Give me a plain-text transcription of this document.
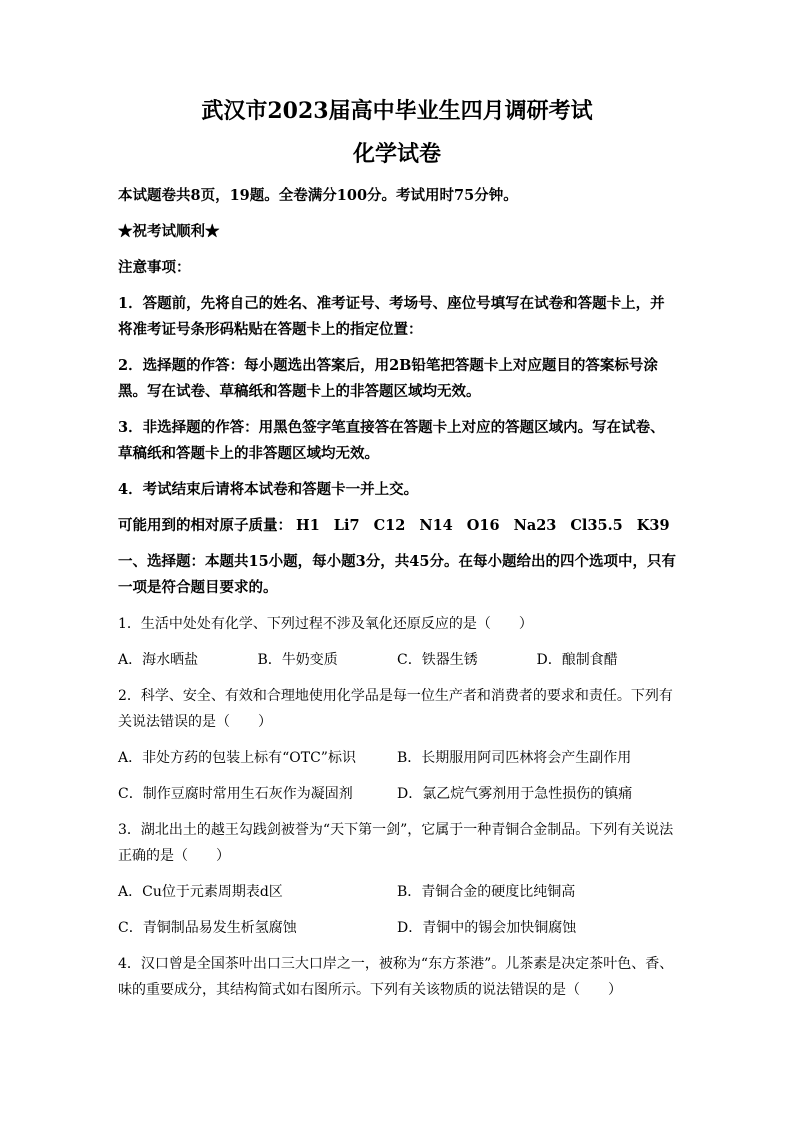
武汉市2023届高中毕业生四月调研考试
化学试卷
本试题卷共8页，19题。全卷满分100分。考试用时75分钟。
★祝考试顺利★
注意事项：
1．答题前，先将自己的姓名、准考证号、考场号、座位号填写在试卷和答题卡上，并将准考证号条形码粘贴在答题卡上的指定位置：
2．选择题的作答：每小题选出答案后，用2B铅笔把答题卡上对应题目的答案标号涂黑。写在试卷、草稿纸和答题卡上的非答题区域均无效。
3．非选择题的作答：用黑色签字笔直接答在答题卡上对应的答题区域内。写在试卷、草稿纸和答题卡上的非答题区域均无效。
4．考试结束后请将本试卷和答题卡一并上交。
可能用到的相对原子质量： H1 Li7 C12 N14 O16 Na23 Cl35.5 K39
一、选择题：本题共15小题，每小题3分，共45分。在每小题给出的四个选项中，只有一项是符合题目要求的。
1．生活中处处有化学、下列过程不涉及氧化还原反应的是（　　）
A．海水晒盐	B．牛奶变质	C．铁器生锈	D．酿制食醋
2．科学、安全、有效和合理地使用化学品是每一位生产者和消费者的要求和责任。下列有关说法错误的是（　　）
A．非处方药的包装上标有“OTC”标识	B．长期服用阿司匹林将会产生副作用
C．制作豆腐时常用生石灰作为凝固剂	D．氯乙烷气雾剂用于急性损伤的镇痛
3．湖北出土的越王勾践剑被誉为“天下第一剑”，它属于一种青铜合金制品。下列有关说法正确的是（　　）
A．Cu位于元素周期表d区	B．青铜合金的硬度比纯铜高
C．青铜制品易发生析氢腐蚀	D．青铜中的锡会加快铜腐蚀
4．汉口曾是全国茶叶出口三大口岸之一，被称为“东方茶港”。儿茶素是决定茶叶色、香、味的重要成分，其结构简式如右图所示。下列有关该物质的说法错误的是（　　）
